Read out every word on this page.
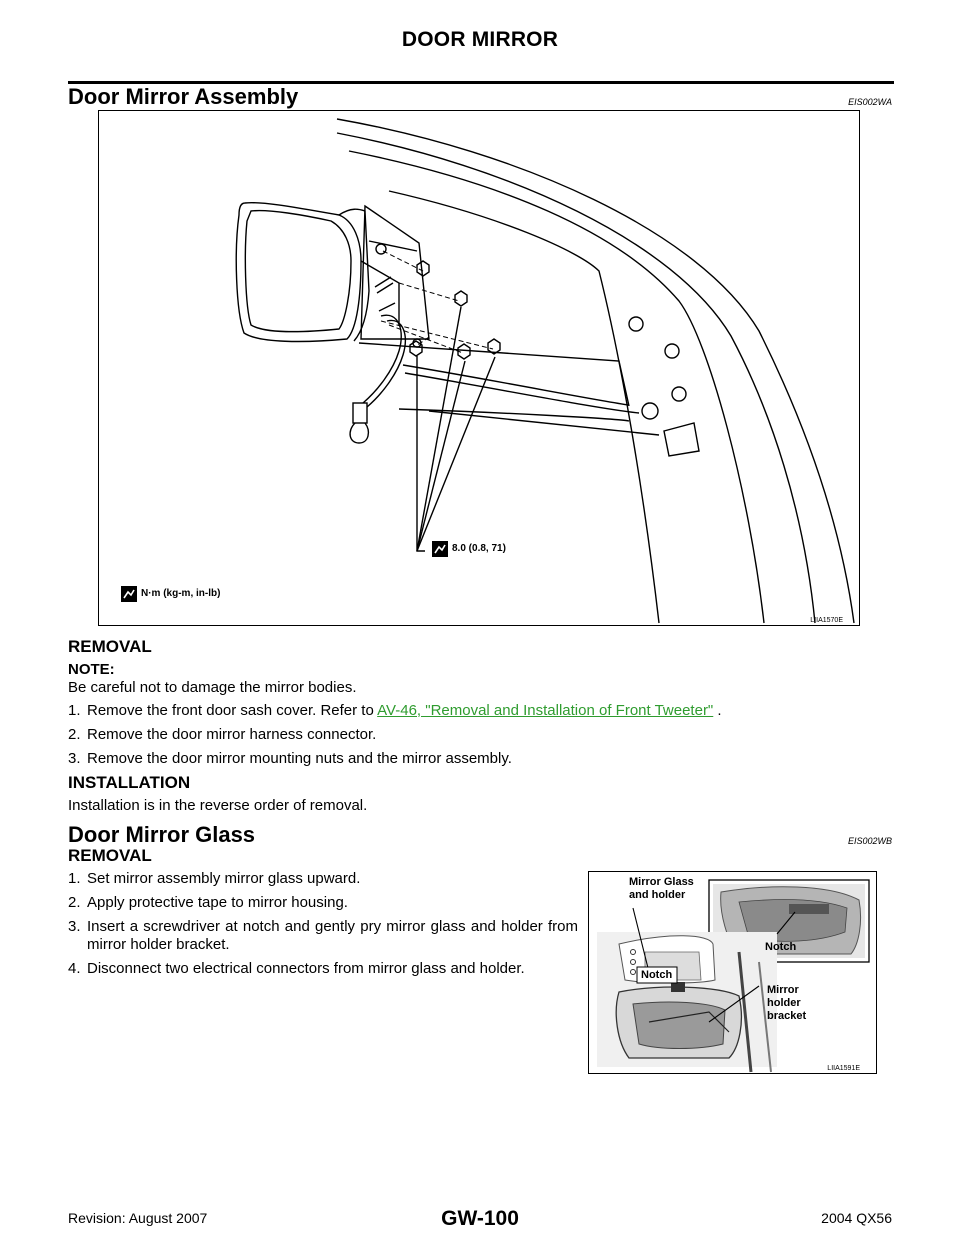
DOOR MIRROR
Door Mirror Assembly	EIS002WA
8.0 (0.8, 71)
N·m (kg-m, in-lb)
LIIA1570E
REMOVAL
NOTE:
Be careful not to damage the mirror bodies.
1. Remove the front door sash cover. Refer to AV-46, "Removal and Installation of Front Tweeter" .
2. Remove the door mirror harness connector.
3. Remove the door mirror mounting nuts and the mirror assembly.
INSTALLATION
Installation is in the reverse order of removal.
Door Mirror Glass	EIS002WB
REMOVAL
1. Set mirror assembly mirror glass upward.
2. Apply protective tape to mirror housing.
3. Insert a screwdriver at notch and gently pry mirror glass and holder from mirror holder bracket.
4. Disconnect two electrical connectors from mirror glass and holder.
Mirror Glass
and holder
Notch
Notch
Mirror
holder
bracket
LIIA1591E
Revision: August 2007	GW-100	2004 QX56
